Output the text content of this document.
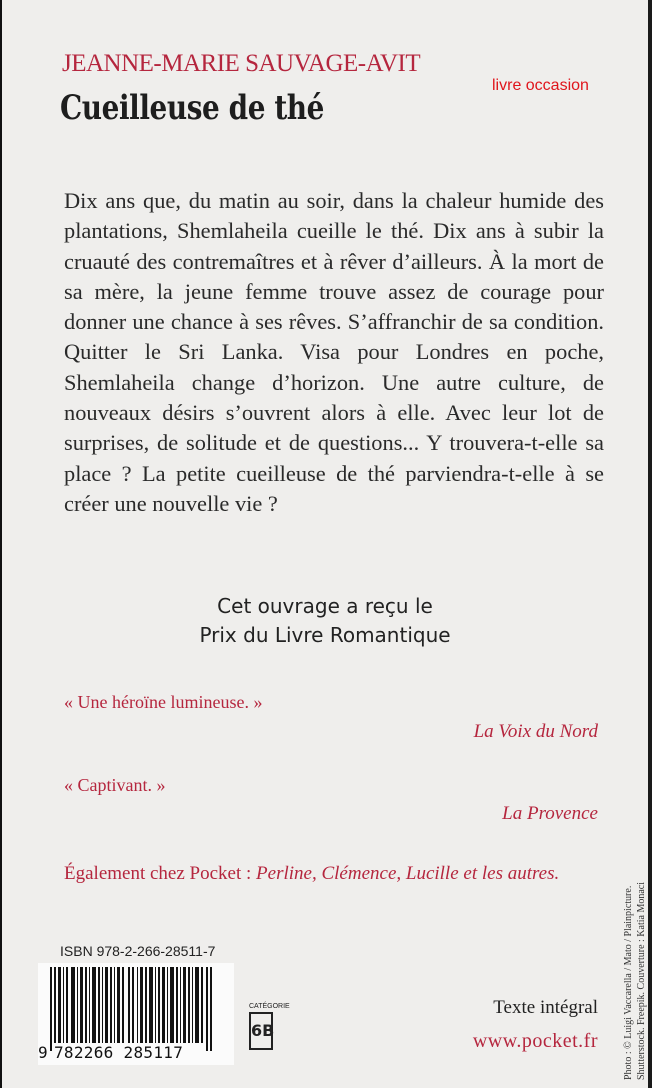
JEANNE-MARIE SAUVAGE-AVIT
Cueilleuse de thé
livre occasion

Dix ans que, du matin au soir, dans la chaleur humide des plantations, Shemlaheila cueille le thé. Dix ans à subir la cruauté des contremaîtres et à rêver d’ailleurs. À la mort de sa mère, la jeune femme trouve assez de courage pour donner une chance à ses rêves. S’affranchir de sa condition. Quitter le Sri Lanka. Visa pour Londres en poche, Shemlaheila change d’horizon. Une autre culture, de nouveaux désirs s’ouvrent alors à elle. Avec leur lot de surprises, de solitude et de questions... Y trouvera-t-elle sa place ? La petite cueilleuse de thé parviendra-t-elle à se créer une nouvelle vie ?

Cet ouvrage a reçu le
Prix du Livre Romantique
« Une héroïne lumineuse. »
La Voix du Nord
« Captivant. »
La Provence
Également chez Pocket : Perline, Clémence, Lucille et les autres.
ISBN 978-2-266-28511-7
9 782266 285117
CATÉGORIE
6B
Texte intégral
www.pocket.fr	Photo : © Luigi Vaccarella / Mato / Plainpicture. Shutterstock. Freepik. Couverture : Katia Monaci
